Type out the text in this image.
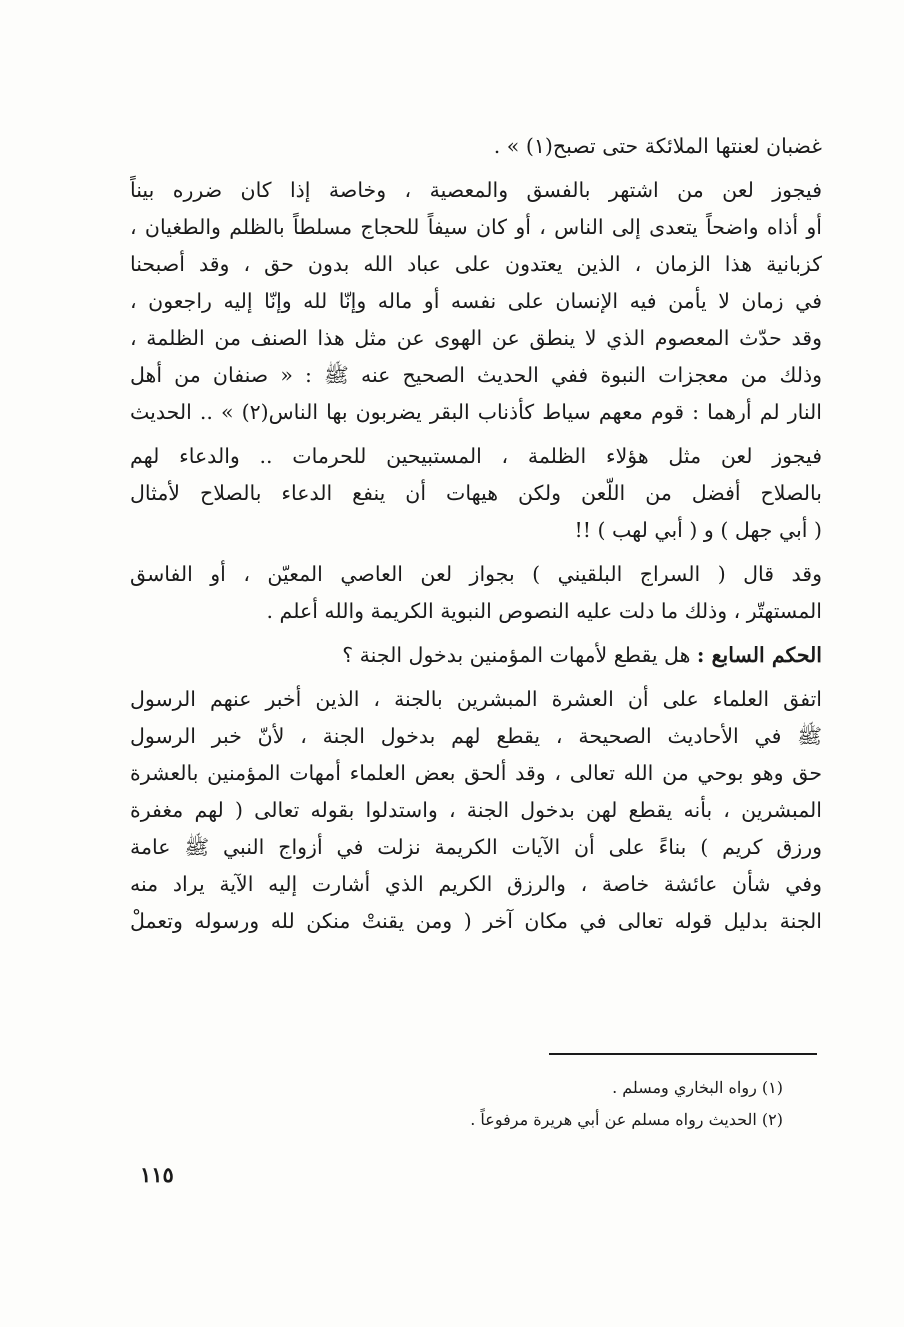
غضبان لعنتها الملائكة حتى تصبح(١) » .
فيجوز لعن من اشتهر بالفسق والمعصية ، وخاصة إذا كان ضرره بيناً
أو أذاه واضحاً يتعدى إلى الناس ، أو كان سيفاً للحجاج مسلطاً بالظلم والطغيان ،
كزبانية هذا الزمان ، الذين يعتدون على عباد الله بدون حق ، وقد أصبحنا
في زمان لا يأمن فيه الإنسان على نفسه أو ماله وإنّا لله وإنّا إليه راجعون ،
وقد حدّث المعصوم الذي لا ينطق عن الهوى عن مثل هذا الصنف من الظلمة ،
وذلك من معجزات النبوة ففي الحديث الصحيح عنه ﷺ : « صنفان من أهل
النار لم أرهما : قوم معهم سياط كأذناب البقر يضربون بها الناس(٢) » .. الحديث
فيجوز لعن مثل هؤلاء الظلمة ، المستبيحين للحرمات .. والدعاء لهم
بالصلاح أفضل من اللّعن ولكن هيهات أن ينفع الدعاء بالصلاح لأمثال
( أبي جهل ) و ( أبي لهب ) !!
وقد قال ( السراج البلقيني ) بجواز لعن العاصي المعيّن ، أو الفاسق
المستهتّر ، وذلك ما دلت عليه النصوص النبوية الكريمة والله أعلم .
الحكم السابع : هل يقطع لأمهات المؤمنين بدخول الجنة ؟
اتفق العلماء على أن العشرة المبشرين بالجنة ، الذين أخبر عنهم الرسول
ﷺ في الأحاديث الصحيحة ، يقطع لهم بدخول الجنة ، لأنّ خبر الرسول
حق وهو بوحي من الله تعالى ، وقد ألحق بعض العلماء أمهات المؤمنين بالعشرة
المبشرين ، بأنه يقطع لهن بدخول الجنة ، واستدلوا بقوله تعالى ( لهم مغفرة
ورزق كريم ) بناءً على أن الآيات الكريمة نزلت في أزواج النبي ﷺ عامة
وفي شأن عائشة خاصة ، والرزق الكريم الذي أشارت إليه الآية يراد منه
الجنة بدليل قوله تعالى في مكان آخر ( ومن يقنتْ منكن لله ورسوله وتعملْ
(١) رواه البخاري ومسلم .
(٢) الحديث رواه مسلم عن أبي هريرة مرفوعاً .
١١٥
